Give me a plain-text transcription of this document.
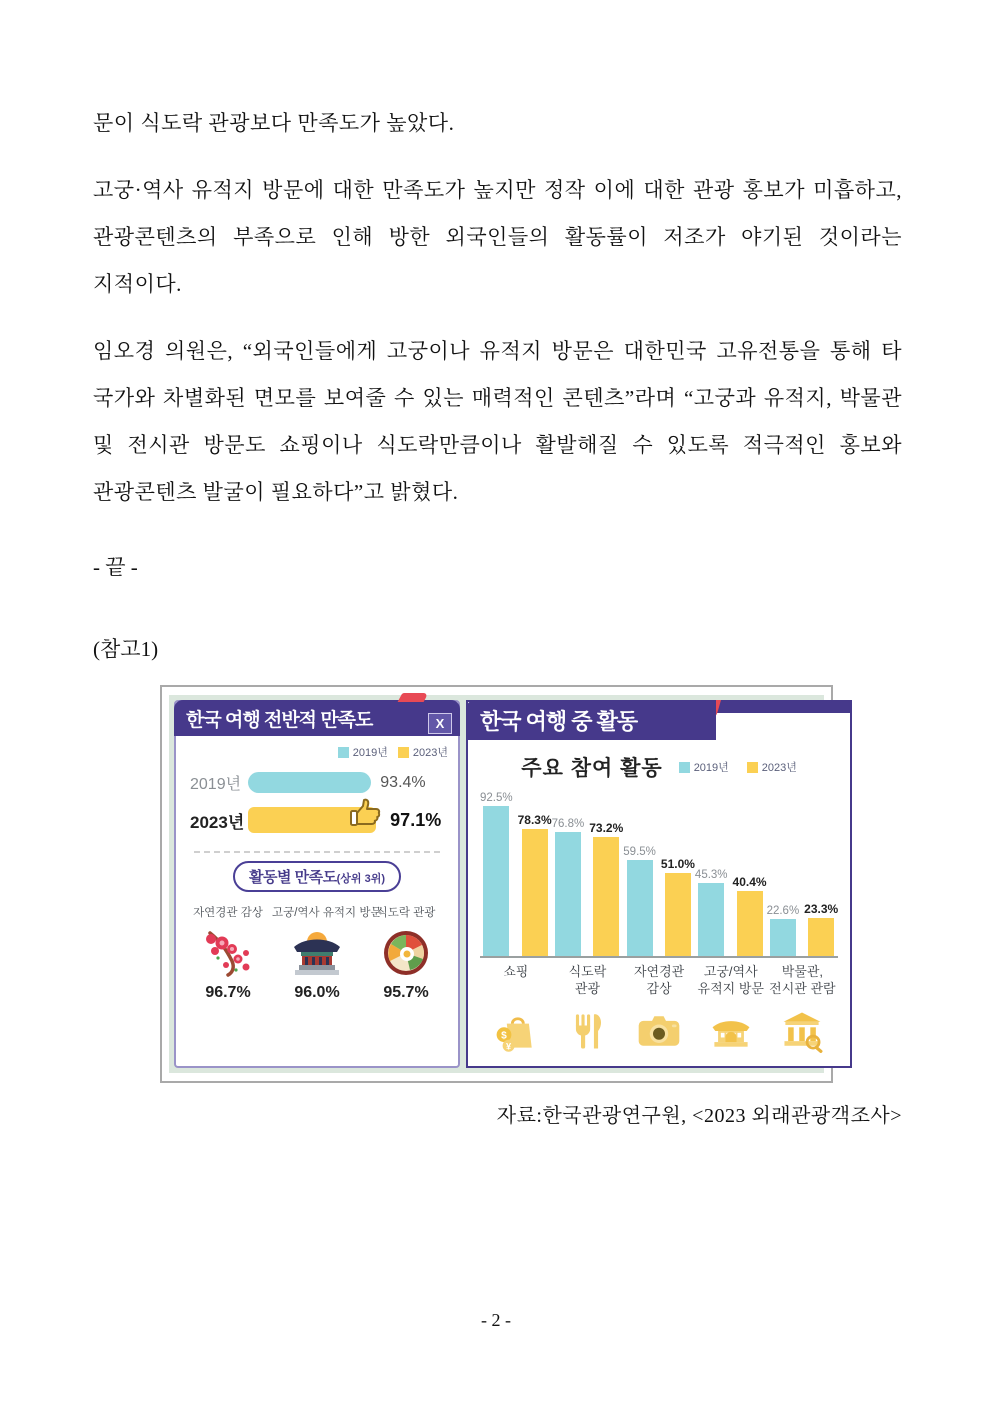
문이 식도락 관광보다 만족도가 높았다.

고궁·역사 유적지 방문에 대한 만족도가 높지만 정작 이에 대한 관광 홍보가 미흡하고, 관광콘텐츠의 부족으로 인해 방한 외국인들의 활동률이 저조가 야기된 것이라는 지적이다.

임오경 의원은, “외국인들에게 고궁이나 유적지 방문은 대한민국 고유전통을 통해 타 국가와 차별화된 면모를 보여줄 수 있는 매력적인 콘텐츠”라며 “고궁과 유적지, 박물관 및 전시관 방문도 쇼핑이나 식도락만큼이나 활발해질 수 있도록 적극적인 홍보와 관광콘텐츠 발굴이 필요하다”고 밝혔다.

- 끝 -

(참고1)

한국 여행 전반적 만족도	X
2019년 2023년
2019년	93.4%
2023년	97.1%
활동별 만족도(상위 3위)
자연경관 감상
96.7%
고궁/역사 유적지 방문
96.0%
식도락 관광
95.7%
한국 여행 중 활동
주요 참여 활동	2019년	2023년
92.5%
78.3% 76.8% 73.2%
59.5%
51.0%
45.3% 40.4%
22.6% 23.3%
쇼핑	식도락
관광
자연경관
감상
고궁/역사
유적지 방문
박물관,
전시관 관람
$
¥

자료:한국관광연구원, <2023 외래관광객조사>

- 2 -
